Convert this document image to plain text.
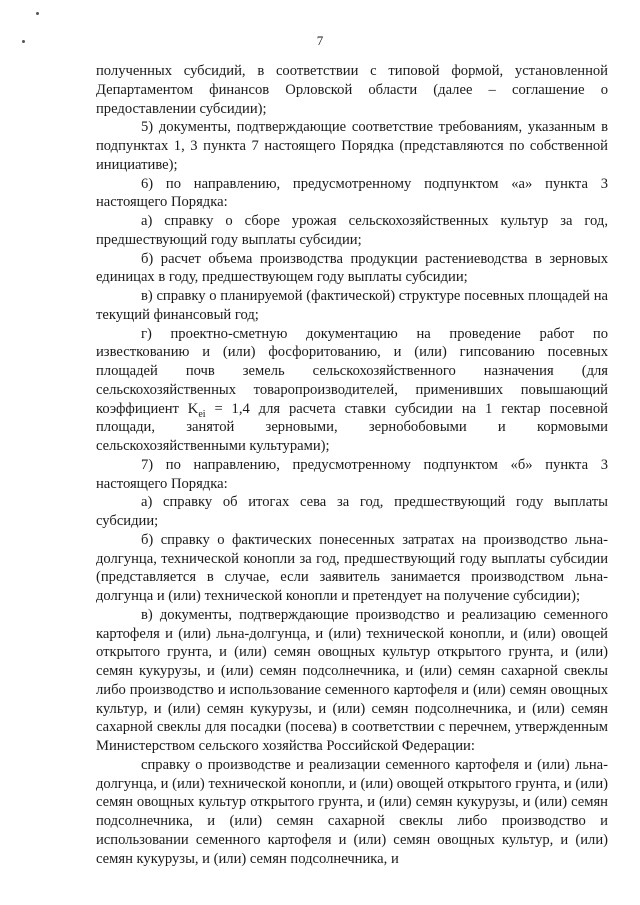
7

полученных субсидий, в соответствии с типовой формой, установленной Департаментом финансов Орловской области (далее – соглашение о предоставлении субсидии);

5) документы, подтверждающие соответствие требованиям, указанным в подпунктах 1, 3 пункта 7 настоящего Порядка (представляются по собственной инициативе);

6) по направлению, предусмотренному подпунктом «а» пункта 3 настоящего Порядка:

а) справку о сборе урожая сельскохозяйственных культур за год, предшествующий году выплаты субсидии;

б) расчет объема производства продукции растениеводства в зерновых единицах в году, предшествующем году выплаты субсидии;

в) справку о планируемой (фактической) структуре посевных площадей на текущий финансовый год;

г) проектно-сметную документацию на проведение работ по известкованию и (или) фосфоритованию, и (или) гипсованию посевных площадей почв земель сельскохозяйственного назначения (для сельскохозяйственных товаропроизводителей, применивших повышающий коэффициент $K_{ei} = 1,4$ для расчета ставки субсидии на 1 гектар посевной площади, занятой зерновыми, зернобобовыми и кормовыми сельскохозяйственными культурами);

7) по направлению, предусмотренному подпунктом «б» пункта 3 настоящего Порядка:

а) справку об итогах сева за год, предшествующий году выплаты субсидии;

б) справку о фактических понесенных затратах на производство льна-долгунца, технической конопли за год, предшествующий году выплаты субсидии (представляется в случае, если заявитель занимается производством льна-долгунца и (или) технической конопли и претендует на получение субсидии);

в) документы, подтверждающие производство и реализацию семенного картофеля и (или) льна-долгунца, и (или) технической конопли, и (или) овощей открытого грунта, и (или) семян овощных культур открытого грунта, и (или) семян кукурузы, и (или) семян подсолнечника, и (или) семян сахарной свеклы либо производство и использование семенного картофеля и (или) семян овощных культур, и (или) семян кукурузы, и (или) семян подсолнечника, и (или) семян сахарной свеклы для посадки (посева) в соответствии с перечнем, утвержденным Министерством сельского хозяйства Российской Федерации:

справку о производстве и реализации семенного картофеля и (или) льна-долгунца, и (или) технической конопли, и (или) овощей открытого грунта, и (или) семян овощных культур открытого грунта, и (или) семян кукурузы, и (или) семян подсолнечника, и (или) семян сахарной свеклы либо производство и использовании семенного картофеля и (или) семян овощных культур, и (или) семян кукурузы, и (или) семян подсолнечника, и
